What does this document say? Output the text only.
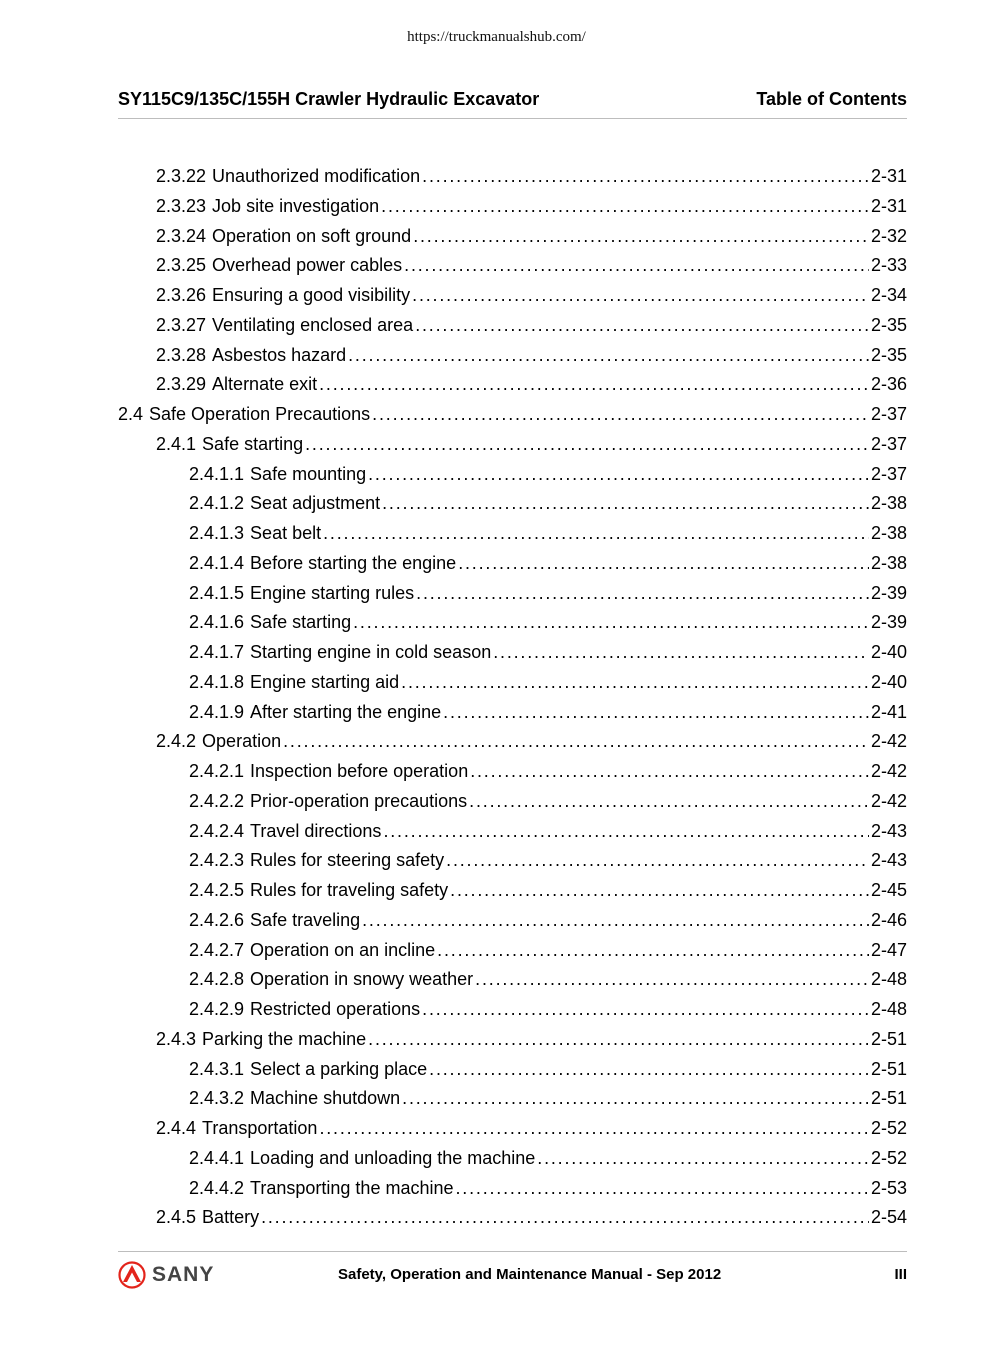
https://truckmanualshub.com/
SY115C9/135C/155H Crawler Hydraulic Excavator	Table of Contents
2.3.22 Unauthorized modification . . .	2-31
2.3.23 Job site investigation . . .	2-31
2.3.24 Operation on soft ground . . .	2-32
2.3.25 Overhead power cables . . .	2-33
2.3.26 Ensuring a good visibility . . .	2-34
2.3.27 Ventilating enclosed area . . .	2-35
2.3.28 Asbestos hazard . . .	2-35
2.3.29 Alternate exit . . .	2-36
2.4 Safe Operation Precautions . . .	2-37
2.4.1 Safe starting . . .	2-37
2.4.1.1 Safe mounting . . .	2-37
2.4.1.2 Seat adjustment . . .	2-38
2.4.1.3 Seat belt . . .	2-38
2.4.1.4 Before starting the engine . . .	2-38
2.4.1.5 Engine starting rules . . .	2-39
2.4.1.6 Safe starting . . .	2-39
2.4.1.7 Starting engine in cold season . . .	2-40
2.4.1.8 Engine starting aid . . .	2-40
2.4.1.9 After starting the engine . . .	2-41
2.4.2 Operation . . .	2-42
2.4.2.1 Inspection before operation . . .	2-42
2.4.2.2 Prior-operation precautions . . .	2-42
2.4.2.4 Travel directions . . .	2-43
2.4.2.3 Rules for steering safety . . .	2-43
2.4.2.5 Rules for traveling safety . . .	2-45
2.4.2.6 Safe traveling . . .	2-46
2.4.2.7 Operation on an incline . . .	2-47
2.4.2.8 Operation in snowy weather . . .	2-48
2.4.2.9 Restricted operations . . .	2-48
2.4.3 Parking the machine . . .	2-51
2.4.3.1 Select a parking place . . .	2-51
2.4.3.2 Machine shutdown . . .	2-51
2.4.4 Transportation . . .	2-52
2.4.4.1 Loading and unloading the machine . . .	2-52
2.4.4.2 Transporting the machine . . .	2-53
2.4.5 Battery . . .	2-54
SANY	Safety, Operation and Maintenance Manual - Sep 2012	III
